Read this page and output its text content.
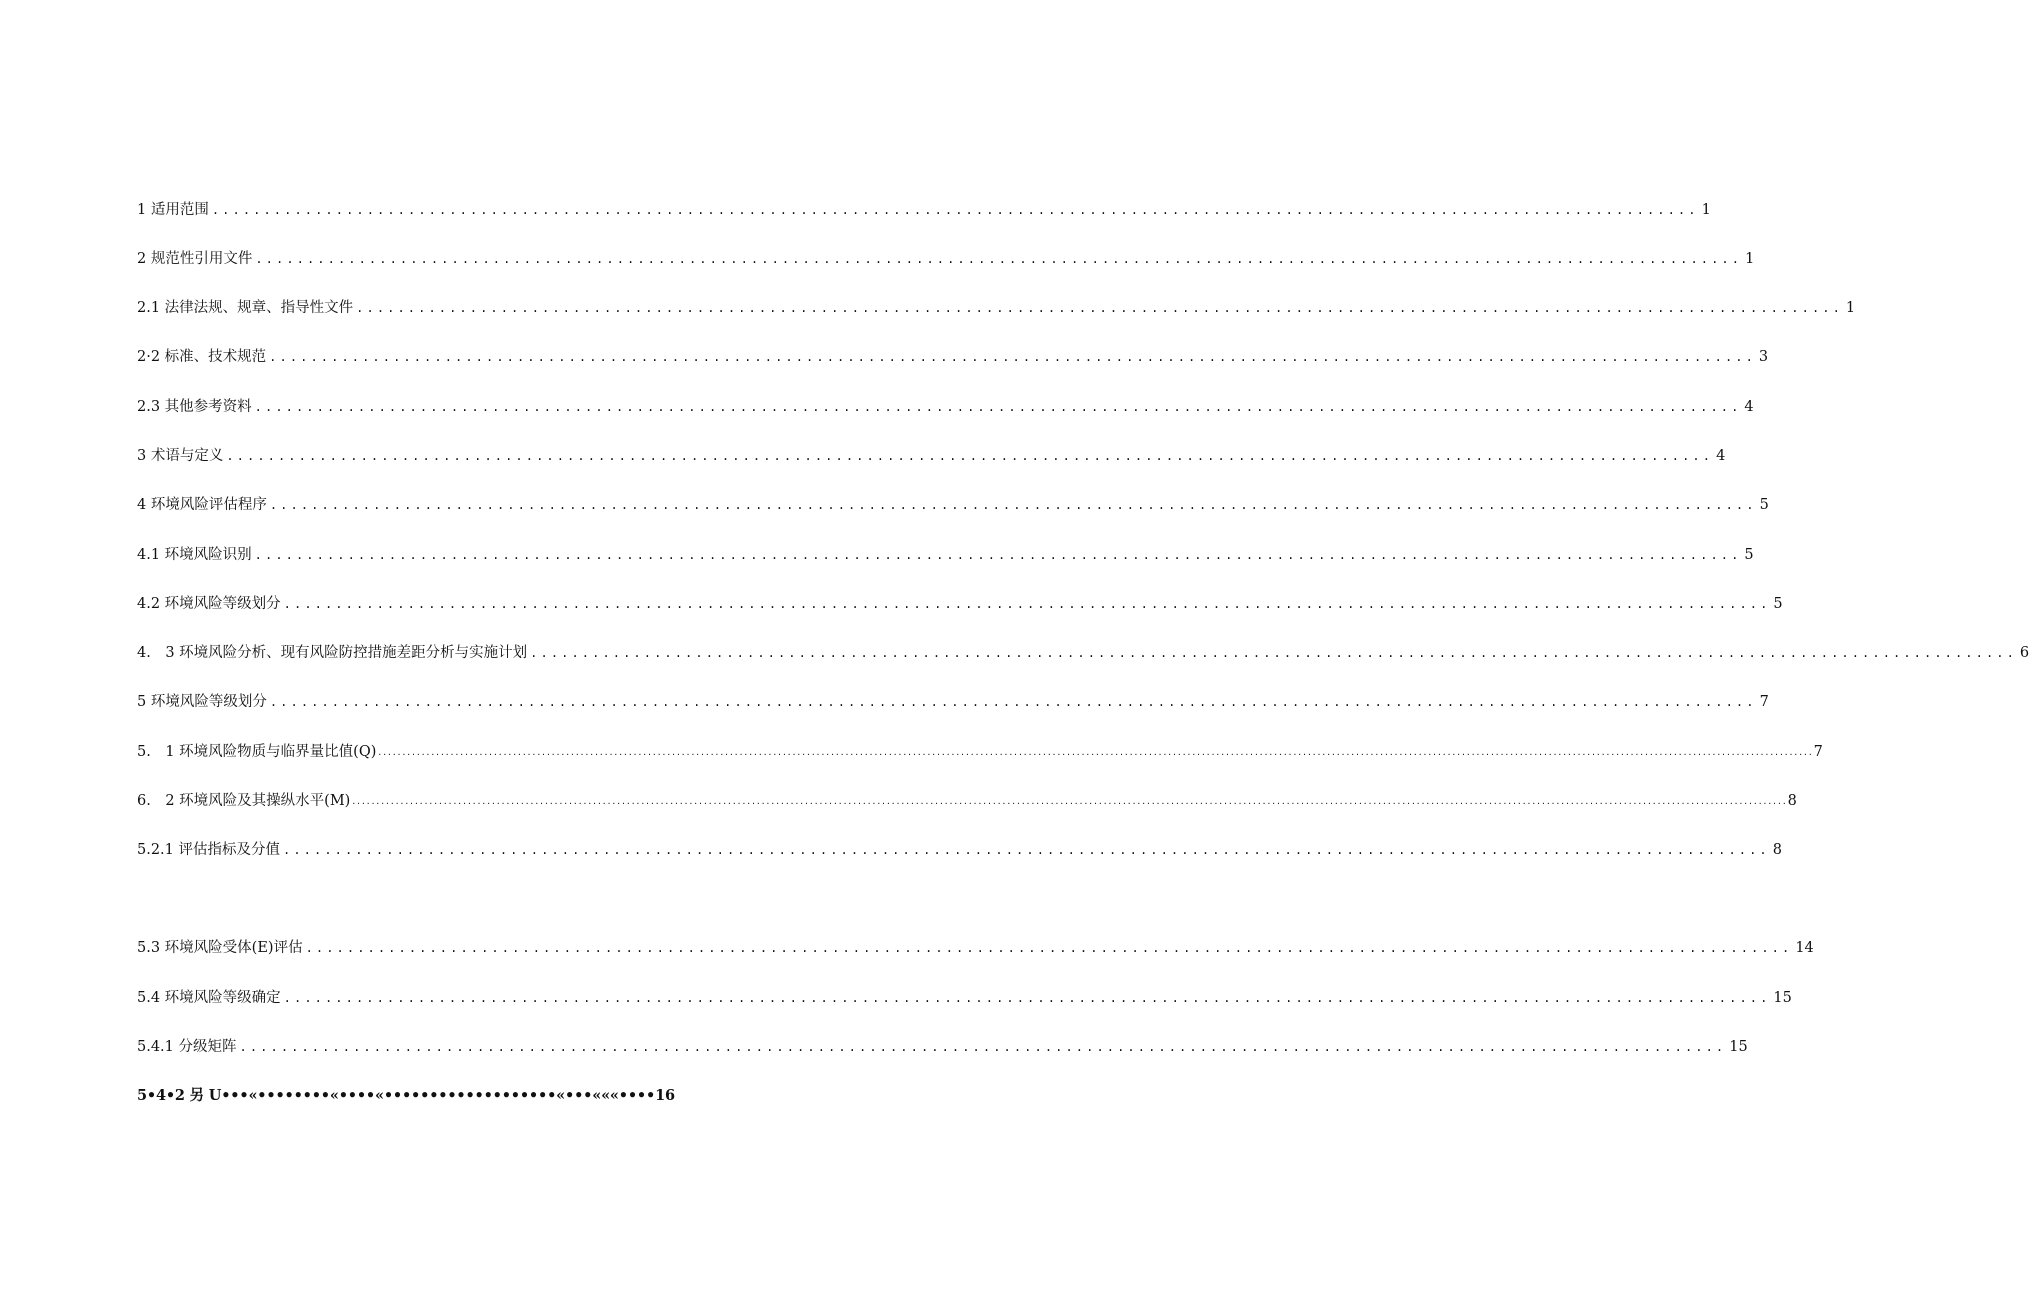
1 适用范围 ................................................................................................................................................ 1
2 规范性引用文件 ................................................................................................................................................ 1
2.1 法律法规、规章、指导性文件 ................................................................................................................................................ 1
2·2 标准、技术规范 ................................................................................................................................................ 3
2.3 其他参考资料 ................................................................................................................................................ 4
3 术语与定义 ................................................................................................................................................ 4
4 环境风险评估程序 ................................................................................................................................................ 5
4.1 环境风险识别 ................................................................................................................................................ 5
4.2 环境风险等级划分 ................................................................................................................................................ 5
4.　3 环境风险分析、现有风险防控措施差距分析与实施计划 ................................................................................................................................................ 6
5 环境风险等级划分 ................................................................................................................................................ 7
5.　1 环境风险物质与临界量比值(Q) .......................................................................................................................................................................................................................................................................................................... 7
6.　2 环境风险及其操纵水平(M) .......................................................................................................................................................................................................................................................................................................... 8
5.2.1 评估指标及分值 ................................................................................................................................................ 8
5.3 环境风险受体(E)评估 ................................................................................................................................................ 14
5.4 环境风险等级确定 ................................................................................................................................................ 15
5.4.1 分级矩阵 ................................................................................................................................................ 15
5•4•2 另 U•••«••••••••«••••«•••••••••••••••••••«•••«««••••16
